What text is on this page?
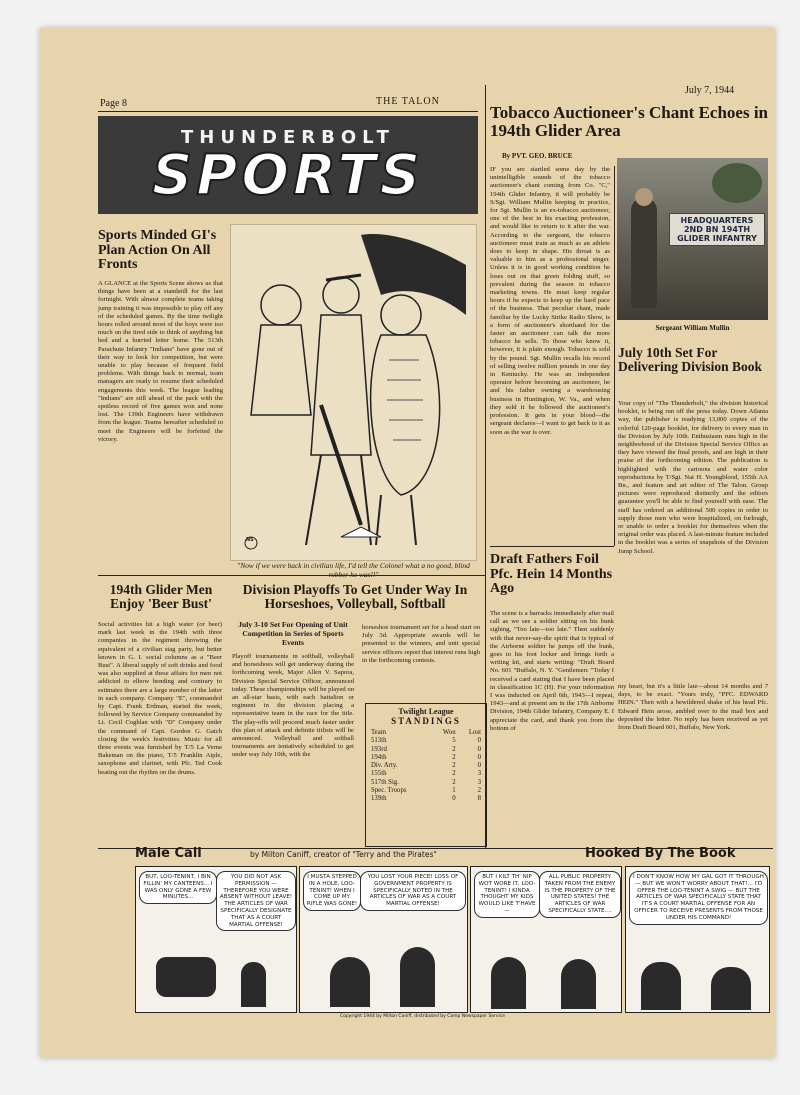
Page 8	THE TALON
July 7, 1944
THUNDERBOLT
SPORTS
Sports Minded GI's Plan Action On All Fronts
A GLANCE at the Sports Scene shows us that things have been at a standstill for the last fortnight. With almost complete teams taking jump training it was impossible to play off any of the scheduled games. By the time twilight hours rolled around most of the boys were too much on the tired side to think of anything but bed and a hurried letter home. The 513th Parachute Infantry "Indians" have gone out of their way to look for competition, but were unable to play because of frequent field problems. With things back to normal, team managers are ready to resume their scheduled engagements this week. The league leading "Indians" are still ahead of the pack with the spotless record of five games won and none lost. The 139th Engineers have withdrawn from the league. Teams hereafter scheduled to meet the Engineers will be forfeited the victory.
NS
"Now if we were back in civilian life, I'd tell the Colonel what a no good, blind
194th Glider Men Enjoy 'Beer Bust'
Social activities hit a high water (or beer) mark last week in the 194th with three companies in the regiment throwing the equivalent of a civilian stag party, but better known in G. I. social columns as a "Beer Bust". A liberal supply of soft drinks and food was also supplied at these affairs for men not addicted to elbow bending and contrary to estimates there are a large number of the latter in each company. Company "E", commanded by Capt. Frank Erdman, started the week, followed by Service Company commanded by Lt. Cecil Coghlan with "D" Company under the command of Capt. Gordon G. Gatch closing the week's festivities. Music for all three events was furnished by T/5 La Verne Bakeman on the piano, T/5 Franklin Aiple, saxophone and clarinet, with Pfc. Ted Cook beating out the rhythm on the drums.
Division Playoffs To Get Under Way In Horseshoes, Volleyball, Softball
July 3-10 Set For Opening of Unit Competition in Series of Sports Events
Playoff tournaments in softball, volleyball and horseshoes will get underway during the forthcoming week, Major Allen V. Sapora, Division Special Service Officer, announced today. These championships will be played on an all-star basis, with each battalion or regiment in the division placing a representative team in the race for the title. The play-offs will proceed much faster under this plan of attack and definite titlists will be announced. Volleyball and softball tournaments are tentatively scheduled to get under way July 10th, with the
horseshoe tournament set for a head start on July 3d. Appropriate awards will be presented to the winners, and unit special service officers report that interest runs high in the forthcoming contests.
Twilight League
STANDINGS
Team	Won	Lost
513th	5	0
193rd	2	0
194th	2	0
Div. Arty.	2	0
155th	2	3
517th Sig.	2	3
Spec. Troops	1	2
139th	0	8
Tobacco Auctioneer's Chant Echoes in 194th Glider Area
By PVT. GEO. BRUCE
IF you are startled some day by the unintelligible sounds of the tobacco auctioneer's chant coming from Co. "C," 194th Glider Infantry, it will probably be S/Sgt. William Mullin keeping in practice, for Sgt. Mullin is an ex-tobacco auctioneer, one of the best in his exacting profession, and would like to return to it after the war. According to the sergeant, the tobacco auctioneer must train as much as an athlete does to keep in shape. His throat is as valuable to him as a professional singer. Unless it is in good working condition he loses out on that green folding stuff, so prevalent during the season in tobacco marketing towns. He must keep regular hours if he expects to keep up the hard pace of the business. That peculiar chant, made familiar by the Lucky Strike Radio Show, is a form of auctioneer's shorthand for the faster an auctioneer can talk the more tobacco he sells. To those who know it, however, it is plain enough. Tobacco is sold by the pound. Sgt. Mullin recalls his record of selling twelve million pounds in one day in Kentucky. He was an independent operator before becoming an auctioneer, he and his father owning a warehousing business in Huntington, W. Va., and when they sold it he followed the auctioneer's profession. It gets in your blood—the sergeant declares—I want to get back to it as soon as the war is over.
HEADQUARTERS 2ND BN 194TH GLIDER INFANTRY
Sergeant William Mullin
July 10th Set For Delivering Division Book
Your copy of "The Thunderbolt," the division historical booklet, is being run off the press today. Down Atlanta way, the publisher is readying 13,000 copies of the colorful 120-page booklet, for delivery to every man in the Division by July 10th. Enthusiasm runs high in the neighborhood of the Division Special Service Office as they have viewed the final proofs, and are high in their praise of the forthcoming edition. The publication is highlighted with the cartoons and water color reproductions by T/Sgt. Nat H. Youngblood, 155th AA Bn., and feature and art editor of The Talon. Group pictures were reproduced distinctly and the editors guarantee you'll be able to find yourself with ease. The staff has ordered an additional 500 copies in order to supply those men who were hospitalized, on furlough, or unable to order a booklet for themselves when the original order was placed. A last-minute feature included in the booklet was a series of snapshots of the Division Jump School.
Draft Fathers Foil Pfc. Hein 14 Months Ago
The scene is a barracks immediately after mail call as we see a soldier sitting on his bunk sighing, "Too late—too late." Then suddenly with that never-say-die spirit that is typical of the Airborne soldier he jumps off the bunk, goes to his foot locker and brings forth a writing kit, and starts writing: "Draft Board No. 601 "Buffalo, N. Y. "Gentlemen: "Today I received a card stating that I have been placed in classification 1C (H). For your information I was inducted on April 6th, 1943—I repeat, 1943—and at present am in the 17th Airborne Division, 194th Glider Infantry, Company E. I appreciate the card, and thank you from the bottom of
my heart, but it's a little late—about 14 months and 7 days, to be exact. "Yours truly, "PFC. EDWARD HEIN." Then with a bewildered shake of his head Pfc. Edward Hein arose, ambled over to the mail box and deposited the letter. No reply has been received as yet from Draft Board 601, Buffalo, New York.
Male Call	by Milton Caniff, creator of "Terry and the Pirates"	Hooked By The Book
BUT, LOO-TENINT, I BIN FILLIN' MY CANTEENS... I WAS ONLY GONE A FEW MINUTES...
YOU DID NOT ASK PERMISSION — THEREFORE YOU WERE ABSENT WITHOUT LEAVE! THE ARTICLES OF WAR SPECIFICALLY DESIGNATE THAT AS A COURT MARTIAL OFFENSE!
I MUSTA STEPPED IN A HOLE, LOO-TENINT! WHEN I COME UP MY RIFLE WAS GONE!
YOU LOST YOUR PIECE! LOSS OF GOVERNMENT PROPERTY IS SPECIFICALLY NOTED IN THE ARTICLES OF WAR AS A COURT MARTIAL OFFENSE!
BUT I KILT TH' NIP WOT WORE IT, LOO-TENINT! I KINDA THOUGHT MY KIDS WOULD LIKE T'HAVE—
ALL PUBLIC PROPERTY TAKEN FROM THE ENEMY IS THE PROPERTY OF THE UNITED STATES! THE ARTICLES OF WAR SPECIFICALLY STATE....
I DON'T KNOW HOW MY GAL GOT IT THROUGH — BUT WE WON'T WORRY ABOUT THAT!... I'D OFFER THE LOO-TENINT A SWIG — BUT THE ARTICLES OF WAR SPECIFICALLY STATE THAT IT'S A COURT MARTIAL OFFENSE FOR AN OFFICER TO RECEIVE PRESENTS FROM THOSE UNDER HIS COMMAND!
Copyright 1944 by Milton Caniff, distributed by Camp Newspaper Service
